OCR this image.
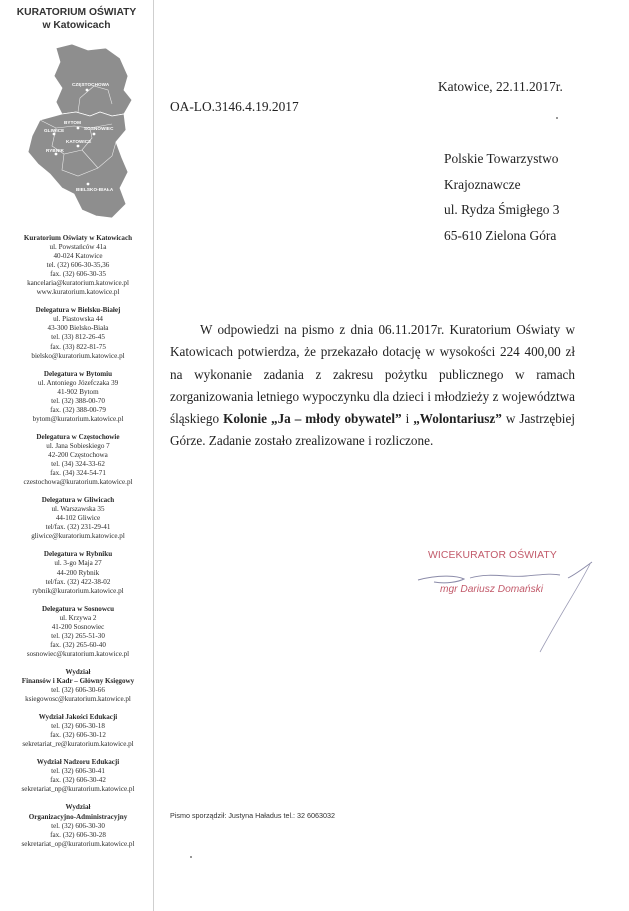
KURATORIUM OŚWIATY
w Katowicach
CZĘSTOCHOWA
BYTOM
GLIWICE	SOSNOWIEC
KATOWICE
RYBNIK
BIELSKO-BIAŁA
Kuratorium Oświaty w Katowicach
ul. Powstańców 41a
40-024 Katowice
tel. (32) 606-30-35,36
fax. (32) 606-30-35
kancelaria@kuratorium.katowice.pl
www.kuratorium.katowice.pl
Delegatura w Bielsku-Białej
ul. Piastowska 44
43-300 Bielsko-Biała
tel. (33) 812-26-45
fax. (33) 822-81-75
bielsko@kuratorium.katowice.pl
Delegatura w Bytomiu
ul. Antoniego Józefczaka 39
41-902 Bytom
tel. (32) 388-00-70
fax. (32) 388-00-79
bytom@kuratorium.katowice.pl
Delegatura w Częstochowie
ul. Jana Sobieskiego 7
42-200 Częstochowa
tel. (34) 324-33-62
fax. (34) 324-54-71
czestochowa@kuratorium.katowice.pl
Delegatura w Gliwicach
ul. Warszawska 35
44-102 Gliwice
tel/fax. (32) 231-29-41
gliwice@kuratorium.katowice.pl
Delegatura w Rybniku
ul. 3-go Maja 27
44-200 Rybnik
tel/fax. (32) 422-38-02
rybnik@kuratorium.katowice.pl
Delegatura w Sosnowcu
ul. Krzywa 2
41-200 Sosnowiec
tel. (32) 265-51-30
fax. (32) 265-60-40
sosnowiec@kuratorium.katowice.pl
Wydział
Finansów i Kadr – Główny Księgowy
tel. (32) 606-30-66
ksiegowosc@kuratorium.katowice.pl
Wydział Jakości Edukacji
tel. (32) 606-30-18
fax. (32) 606-30-12
sekretariat_re@kuratorium.katowice.pl
Wydział Nadzoru Edukacji
tel. (32) 606-30-41
fax. (32) 606-30-42
sekretariat_np@kuratorium.katowice.pl
Wydział
Organizacyjno-Administracyjny
tel. (32) 606-30-30
fax. (32) 606-30-28
sekretariat_op@kuratorium.katowice.pl
Katowice, 22.11.2017r.
OA-LO.3146.4.19.2017
Polskie Towarzystwo
Krajoznawcze
ul. Rydza Śmigłego 3
65-610 Zielona Góra
W odpowiedzi na pismo z dnia 06.11.2017r. Kuratorium Oświaty w Katowicach potwierdza, że przekazało dotację w wysokości 224 400,00 zł na wykonanie zadania z zakresu pożytku publicznego w ramach zorganizowania letniego wypoczynku dla dzieci i młodzieży z województwa śląskiego Kolonie „Ja – młody obywatel” i „Wolontariusz” w Jastrzębiej Górze. Zadanie zostało zrealizowane i rozliczone.
WICEKURATOR OŚWIATY
mgr Dariusz Domański
Pismo sporządził: Justyna Haładus tel.: 32 6063032
